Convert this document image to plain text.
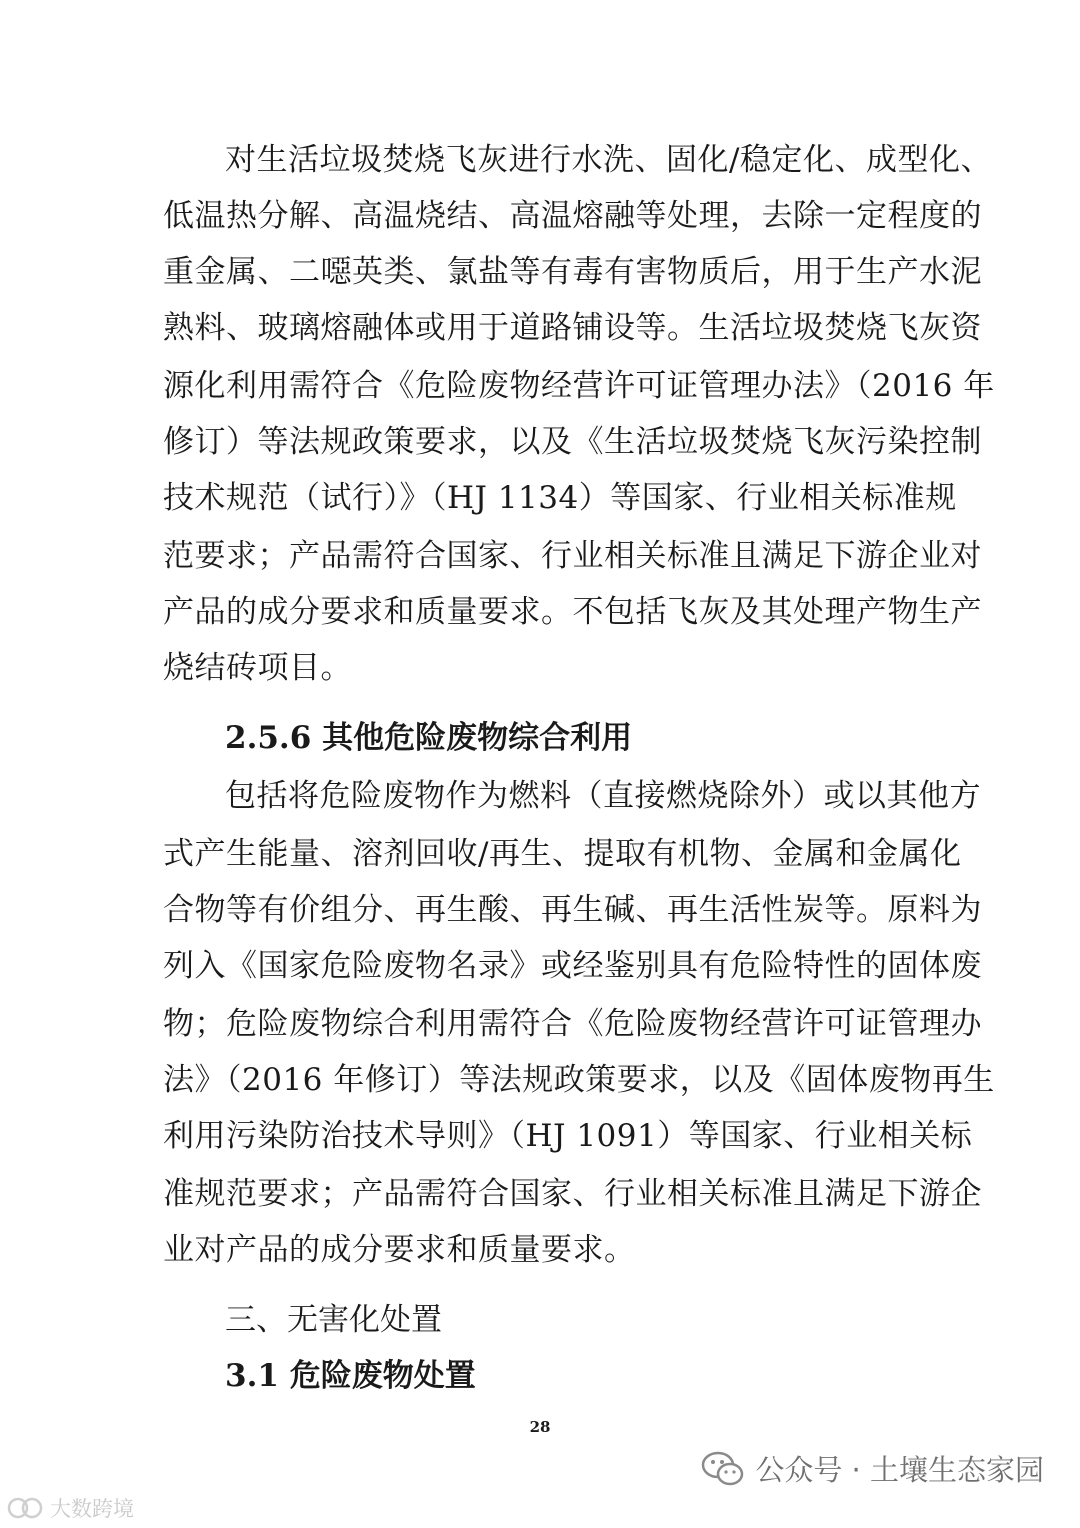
对生活垃圾焚烧飞灰进行水洗、固化/稳定化、成型化、
低温热分解、高温烧结、高温熔融等处理，去除一定程度的
重金属、二噁英类、氯盐等有毒有害物质后，用于生产水泥
熟料、玻璃熔融体或用于道路铺设等。生活垃圾焚烧飞灰资
源化利用需符合《危险废物经营许可证管理办法》（2016 年
修订）等法规政策要求，以及《生活垃圾焚烧飞灰污染控制
技术规范（试行）》（HJ 1134）等国家、行业相关标准规
范要求；产品需符合国家、行业相关标准且满足下游企业对
产品的成分要求和质量要求。不包括飞灰及其处理产物生产
烧结砖项目。
2.5.6 其他危险废物综合利用
包括将危险废物作为燃料（直接燃烧除外）或以其他方
式产生能量、溶剂回收/再生、提取有机物、金属和金属化
合物等有价组分、再生酸、再生碱、再生活性炭等。原料为
列入《国家危险废物名录》或经鉴别具有危险特性的固体废
物；危险废物综合利用需符合《危险废物经营许可证管理办
法》（2016 年修订）等法规政策要求，以及《固体废物再生
利用污染防治技术导则》（HJ 1091）等国家、行业相关标
准规范要求；产品需符合国家、行业相关标准且满足下游企
业对产品的成分要求和质量要求。
三、无害化处置
3.1 危险废物处置
28
公众号 · 土壤生态家园
大数跨境
